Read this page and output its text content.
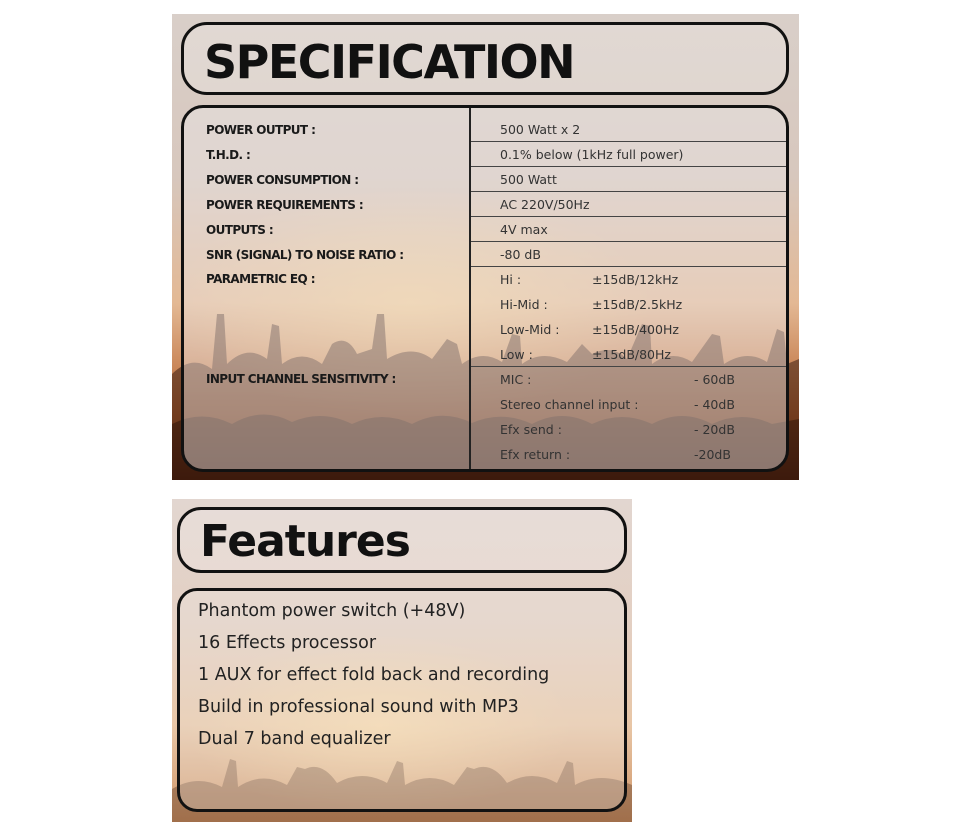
SPECIFICATION

POWER OUTPUT :	500 Watt x 2

T.H.D. :	0.1% below (1kHz full power)

POWER CONSUMPTION :	500 Watt

POWER REQUIREMENTS :	AC 220V/50Hz

OUTPUTS :	4V max

SNR (SIGNAL) TO NOISE RATIO :	-80 dB

PARAMETRIC EQ :	Hi :	±15dB/12kHz

Hi-Mid :	±15dB/2.5kHz

Low-Mid :	±15dB/400Hz

Low :	±15dB/80Hz

INPUT CHANNEL SENSITIVITY :	MIC :	- 60dB

Stereo channel input :	- 40dB

Efx send :	- 20dB

Efx return :	-20dB

Features

Phantom power switch (+48V)

16 Effects processor

1 AUX for effect fold back and recording

Build in professional sound with MP3

Dual 7 band equalizer
